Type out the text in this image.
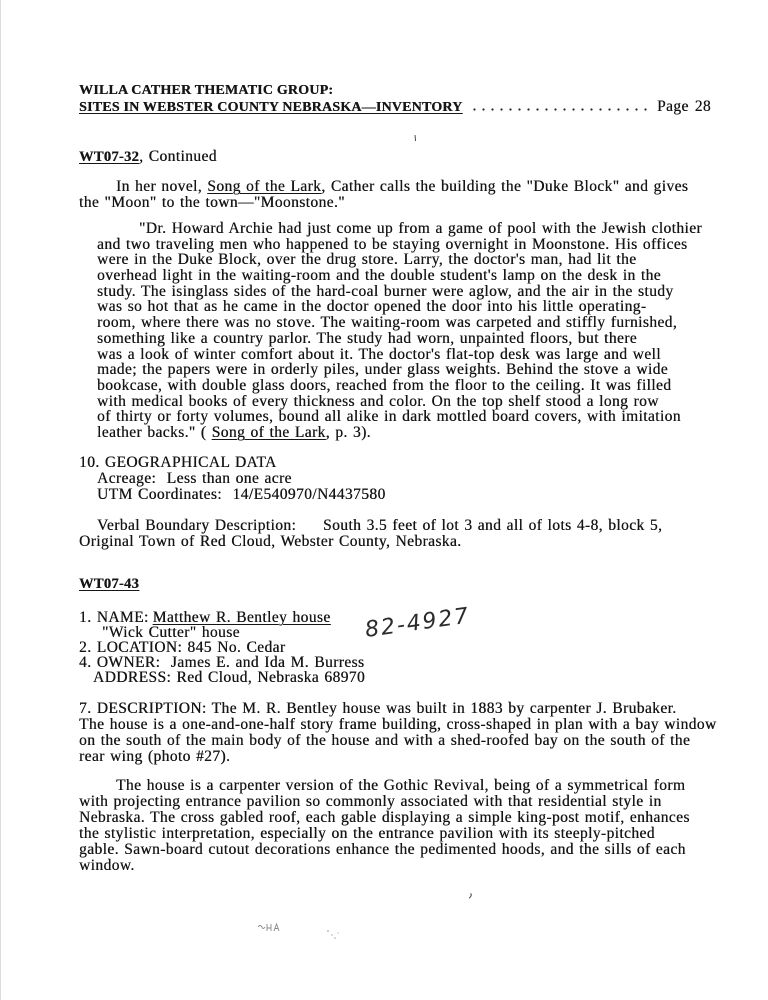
WILLA CATHER THEMATIC GROUP:
SITES IN WEBSTER COUNTY NEBRASKA—INVENTORY	Page 28
WT07-32, Continued
In her novel, Song of the Lark, Cather calls the building the "Duke Block" and gives
the "Moon" to the town—"Moonstone."
"Dr. Howard Archie had just come up from a game of pool with the Jewish clothier
and two traveling men who happened to be staying overnight in Moonstone. His offices
were in the Duke Block, over the drug store. Larry, the doctor's man, had lit the
overhead light in the waiting-room and the double student's lamp on the desk in the
study. The isinglass sides of the hard-coal burner were aglow, and the air in the study
was so hot that as he came in the doctor opened the door into his little operating-
room, where there was no stove. The waiting-room was carpeted and stiffly furnished,
something like a country parlor. The study had worn, unpainted floors, but there
was a look of winter comfort about it. The doctor's flat-top desk was large and well
made; the papers were in orderly piles, under glass weights. Behind the stove a wide
bookcase, with double glass doors, reached from the floor to the ceiling. It was filled
with medical books of every thickness and color. On the top shelf stood a long row
of thirty or forty volumes, bound all alike in dark mottled board covers, with imitation
leather backs." ( Song of the Lark, p. 3).
10. GEOGRAPHICAL DATA
Acreage:  Less than one acre
UTM Coordinates:  14/E540970/N4437580
Verbal Boundary Description: South 3.5 feet of lot 3 and all of lots 4-8, block 5,
Original Town of Red Cloud, Webster County, Nebraska.
WT07-43
1. NAME: Matthew R. Bentley house
"Wick Cutter" house
2. LOCATION: 845 No. Cedar
4. OWNER:  James E. and Ida M. Burress
ADDRESS: Red Cloud, Nebraska 68970
82-4927
7. DESCRIPTION: The M. R. Bentley house was built in 1883 by carpenter J. Brubaker.
The house is a one-and-one-half story frame building, cross-shaped in plan with a bay window
on the south of the main body of the house and with a shed-roofed bay on the south of the
rear wing (photo #27).
The house is a carpenter version of the Gothic Revival, being of a symmetrical form
with projecting entrance pavilion so commonly associated with that residential style in
Nebraska. The cross gabled roof, each gable displaying a simple king-post motif, enhances
the stylistic interpretation, especially on the entrance pavilion with its steeply-pitched
gable. Sawn-board cutout decorations enhance the pedimented hoods, and the sills of each
window.
